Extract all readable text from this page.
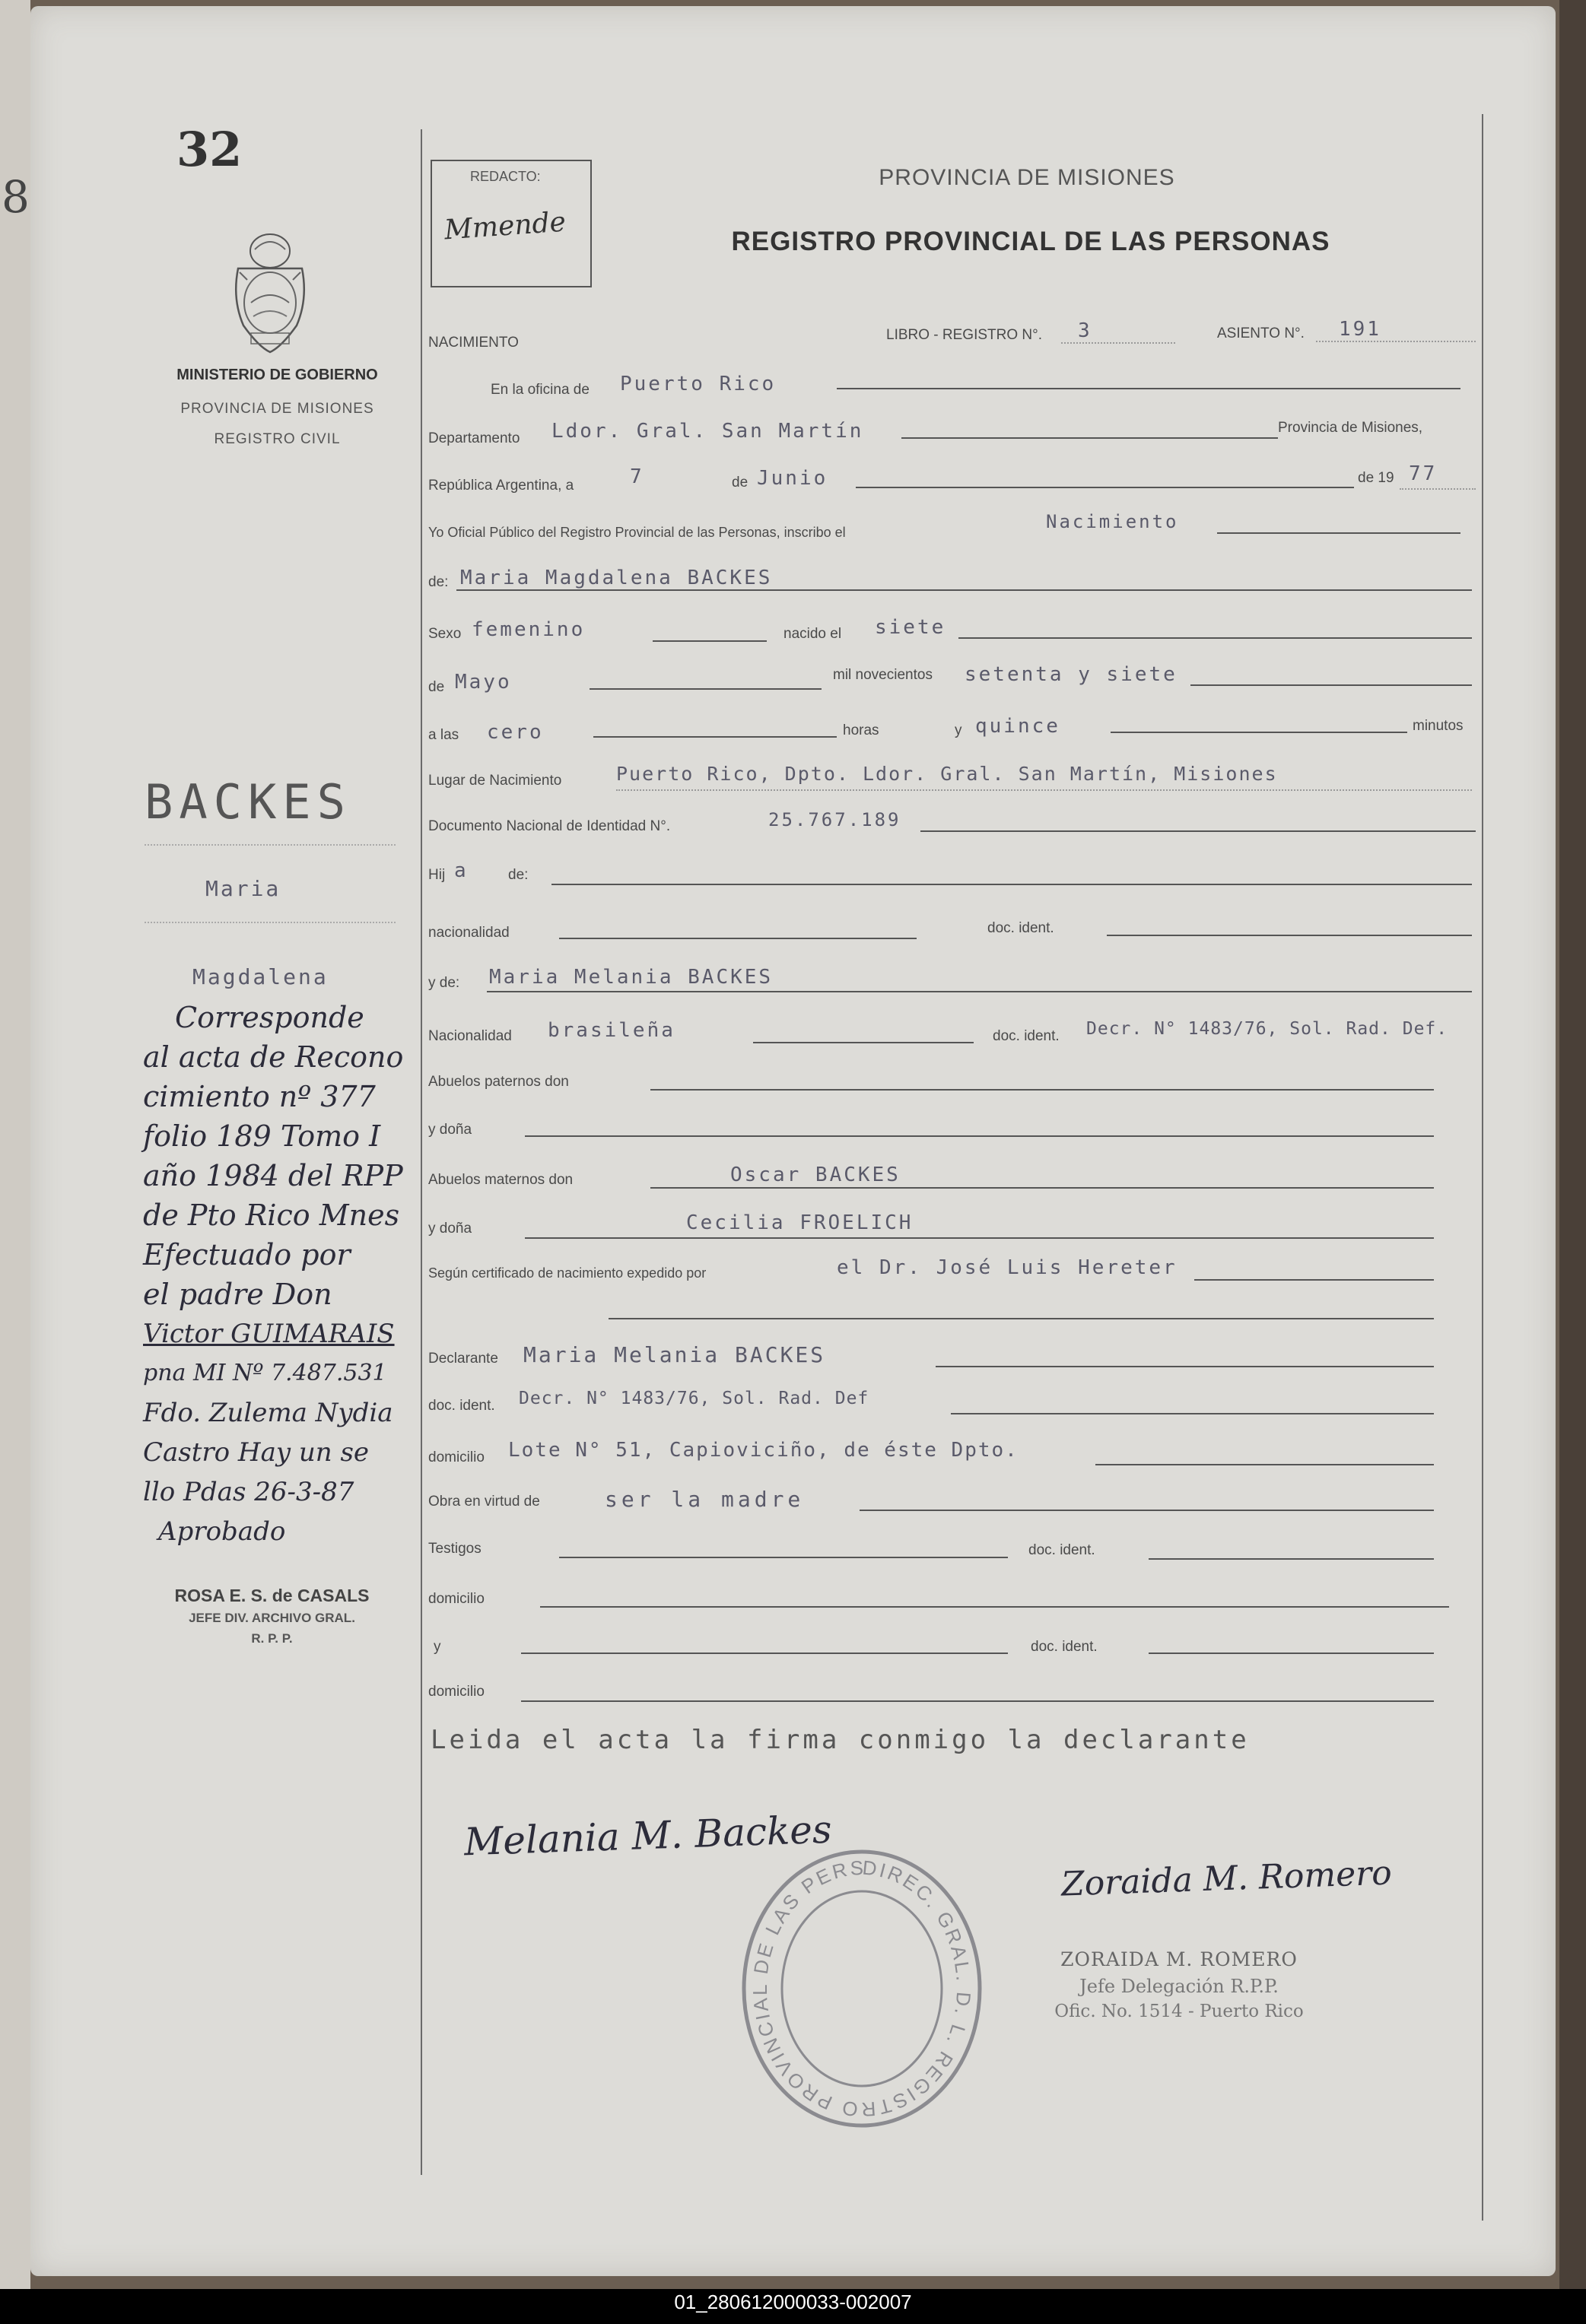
8
32
MINISTERIO DE GOBIERNO
PROVINCIA DE MISIONES
REGISTRO CIVIL
REDACTO:
Mmende
PROVINCIA DE MISIONES
REGISTRO PROVINCIAL DE LAS PERSONAS
NACIMIENTO	LIBRO - REGISTRO N°. 3	ASIENTO N°. 191
En la oficina de Puerto Rico
Departamento Ldor. Gral. San Martín	Provincia de Misiones,
República Argentina, a	7	de Junio	de 19 77
Yo Oficial Público del Registro Provincial de las Personas, inscribo el	Nacimiento
de: Maria Magdalena BACKES
Sexo femenino	nacido el siete
de Mayo	mil novecientos setenta y siete
a las cero	horas	y quince	minutos
Lugar de Nacimiento	Puerto Rico, Dpto. Ldor. Gral. San Martín, Misiones
Documento Nacional de Identidad N°.	25.767.189
Hij a	de:
nacionalidad	doc. ident.
y de: Maria Melania BACKES
Nacionalidad brasileña	doc. ident. Decr. N° 1483/76, Sol. Rad. Def.
Abuelos paternos don
y doña
Abuelos maternos don	Oscar BACKES
y doña	Cecilia FROELICH
Según certificado de nacimiento expedido por	el Dr. José Luis Hereter
Declarante Maria Melania BACKES
doc. ident. Decr. N° 1483/76, Sol. Rad. Def
domicilio Lote N° 51, Capioviciño, de éste Dpto.
Obra en virtud de	ser la madre
Testigos	doc. ident.
domicilio
y	doc. ident.
domicilio
Leida el acta la firma conmigo la declarante
Melania M. Backes
Zoraida M. Romero
ZORAIDA M. ROMERO
Jefe Delegación R.P.P.
Ofic. No. 1514 - Puerto Rico
DIREC. GRAL. D. L. REGISTRO PROVINCIAL DE LAS PERS
BACKES
Maria
Magdalena
Corresponde
al acta de Recono
cimiento nº 377
folio 189 Tomo I
año 1984 del RPP
de Pto Rico Mnes
Efectuado por
el padre Don
Victor GUIMARAIS
pna MI Nº 7.487.531
Fdo. Zulema Nydia
Castro Hay un se
llo Pdas 26-3-87
Aprobado
ROSA E. S. de CASALS
JEFE DIV. ARCHIVO GRAL.
R. P. P.
01_280612000033-002007
